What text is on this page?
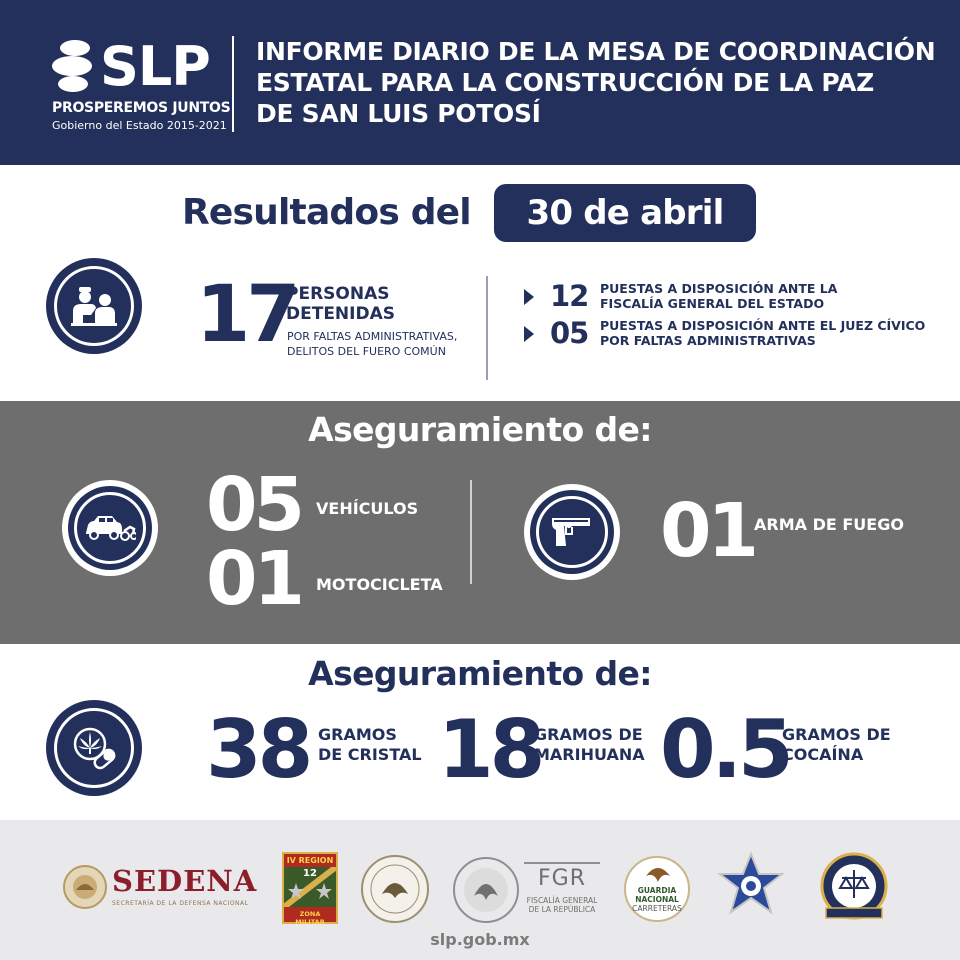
SLP
PROSPEREMOS JUNTOS
Gobierno del Estado 2015-2021
INFORME DIARIO DE LA MESA DE COORDINACIÓN
ESTATAL PARA LA CONSTRUCCIÓN DE LA PAZ
DE SAN LUIS POTOSÍ
Resultados del	30 de abril
17
PERSONAS
DETENIDAS
POR FALTAS ADMINISTRATIVAS,
DELITOS DEL FUERO COMÚN
12 PUESTAS A DISPOSICIÓN ANTE LA
FISCALÍA GENERAL DEL ESTADO
05 PUESTAS A DISPOSICIÓN ANTE EL JUEZ CÍVICO
POR FALTAS ADMINISTRATIVAS
Aseguramiento de:
05 VEHÍCULOS
01 MOTOCICLETA
01 ARMA DE FUEGO
Aseguramiento de:
38 GRAMOS
DE CRISTAL 18
GRAMOS DE
MARIHUANA 0.5
GRAMOS DE
COCAÍNA
SEDENA
SECRETARÍA DE LA DEFENSA NACIONAL
IV REGION
12
ZONA MILITAR
FGR
FISCALÍA GENERAL
DE LA REPÚBLICA
GUARDIA
NACIONAL
CARRETERAS
slp.gob.mx
